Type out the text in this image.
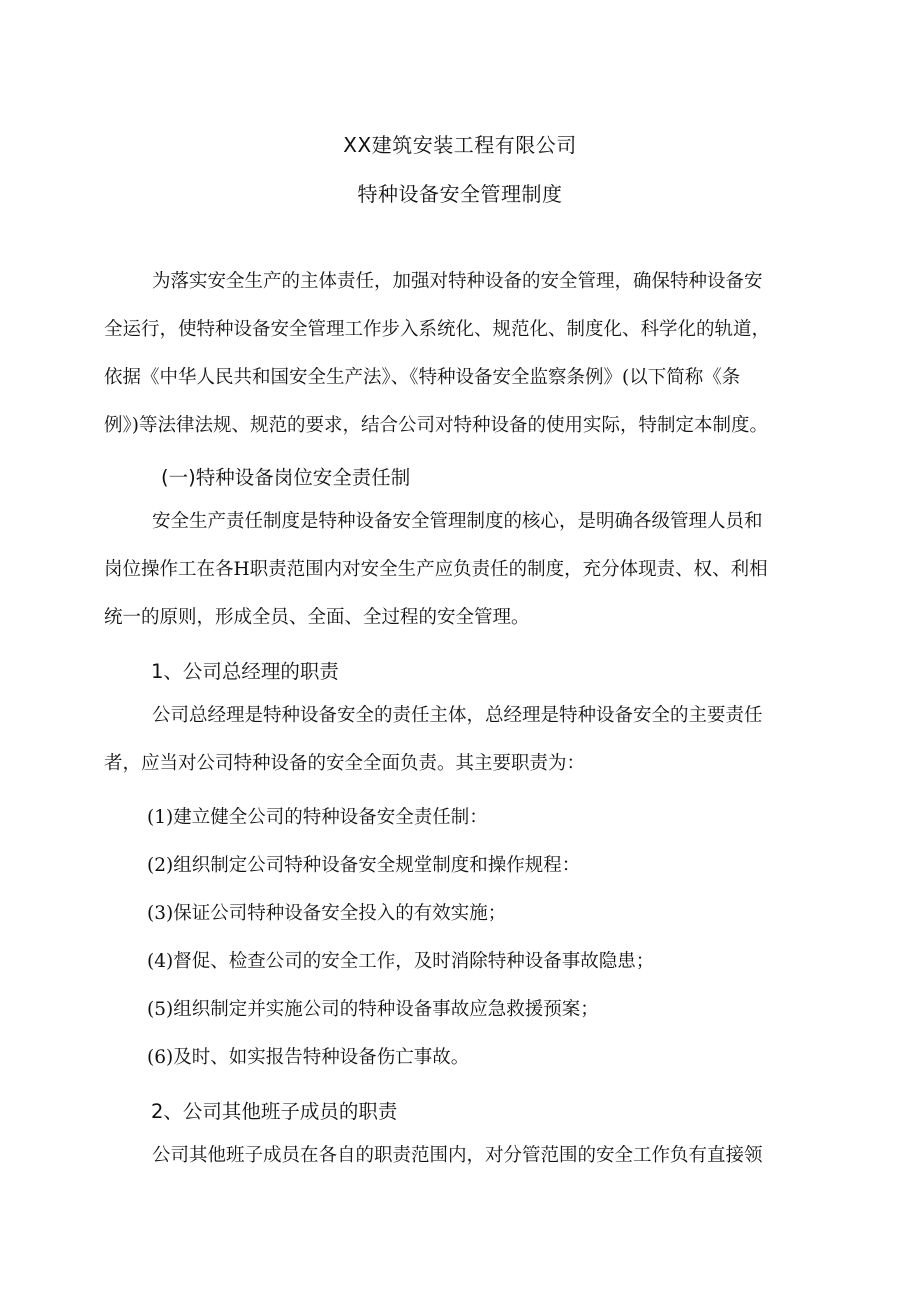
XX建筑安装工程有限公司
特种设备安全管理制度
为落实安全生产的主体责任，加强对特种设备的安全管理，确保特种设备安
全运行，使特种设备安全管理工作步入系统化、规范化、制度化、科学化的轨道，
依据《中华人民共和国安全生产法》、《特种设备安全监察条例》(以下简称《条
例》)等法律法规、规范的要求，结合公司对特种设备的使用实际，特制定本制度。
(一)特种设备岗位安全责任制
安全生产责任制度是特种设备安全管理制度的核心，是明确各级管理人员和
岗位操作工在各H职责范围内对安全生产应负责任的制度，充分体现责、权、利相
统一的原则，形成全员、全面、全过程的安全管理。
1、公司总经理的职责
公司总经理是特种设备安全的责任主体，总经理是特种设备安全的主要责任
者，应当对公司特种设备的安全全面负责。其主要职责为：
(1)建立健全公司的特种设备安全责任制：
(2)组织制定公司特种设备安全规堂制度和操作规程：
(3)保证公司特种设备安全投入的有效实施；
(4)督促、检查公司的安全工作，及时消除特种设备事故隐患；
(5)组织制定并实施公司的特种设备事故应急救援预案；
(6)及时、如实报告特种设备伤亡事故。
2、公司其他班子成员的职责
公司其他班子成员在各自的职责范围内，对分管范围的安全工作负有直接领
